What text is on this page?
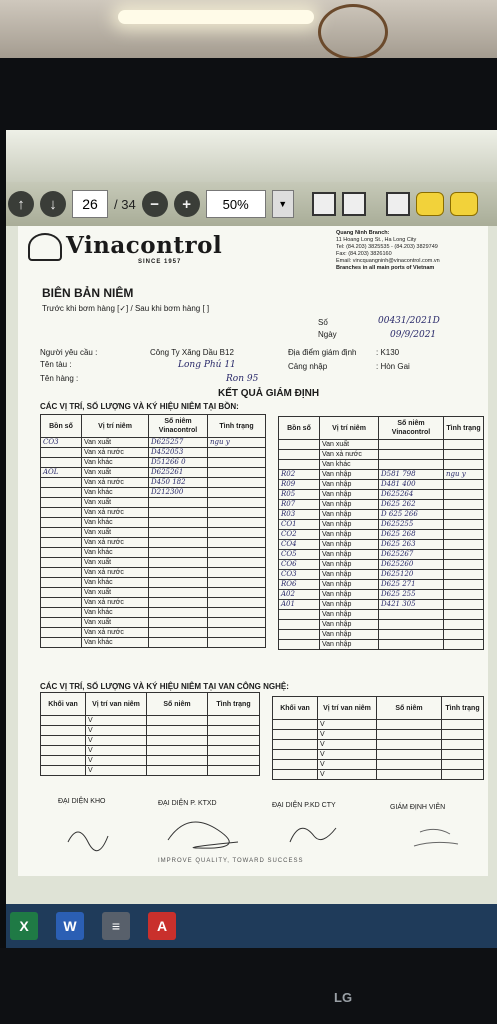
↑	↓	26	/ 34 −	+	50%	▼
Vinacontrol
SINCE 1957
Quang Ninh Branch:
11 Hoang Long St., Ha Long City
Tel: (84.203) 3825535 - (84.203) 3829749
Fax: (84.203) 3826160
Email: vincquangninh@vinacontrol.com.vn
Branches in all main ports of Vietnam
BIÊN BẢN NIÊM
Trước khi bơm hàng [✓] / Sau khi bơm hàng [ ]
Số	00431/2021D
Ngày	09/9/2021
Người yêu cầu :	Công Ty Xăng Dầu B12	Địa điểm giám định : K130
Tên tàu :	Long Phú 11	Cảng nhập	: Hòn Gai
Tên hàng :	Ron 95
KẾT QUẢ GIÁM ĐỊNH
CÁC VỊ TRÍ, SỐ LƯỢNG VÀ KÝ HIỆU NIÊM TẠI BỒN:
Bồn số	Vị trí niêm	Số niêm Vinacontrol	Tình trạng
CO3	Van xuất	D625257	ngu y
	Van xả nước	D452053	
	Van khác	D51266 0	
AOL	Van xuất	D625261	
	Van xả nước	D450 182	
	Van khác	D212300	
	Van xuất		
	Van xả nước		
	Van khác		
	Van xuất		
	Van xả nước		
	Van khác		
	Van xuất		
	Van xả nước		
	Van khác		
	Van xuất		
	Van xả nước		
	Van khác		
	Van xuất		
	Van xả nước		
	Van khác		
Bồn số	Vị trí niêm	Số niêm Vinacontrol	Tình trạng
	Van xuất		
	Van xả nước		
	Van khác		
R02	Van nhập	D581 798	ngu y
R09	Van nhập	D481 400	
R05	Van nhập	D625264	
R07	Van nhập	D625 262	
R03	Van nhập	D 625 266	
CO1	Van nhập	D625255	
CO2	Van nhập	D625 268	
CO4	Van nhập	D625 263	
CO5	Van nhập	D625267	
CO6	Van nhập	D625260	
CO3	Van nhập	D625120	
RO6	Van nhập	D625 271	
A02	Van nhập	D625 255	
A01	Van nhập	D421 305	
	Van nhập		
	Van nhập		
	Van nhập		
	Van nhập		
CÁC VỊ TRÍ, SỐ LƯỢNG VÀ KÝ HIỆU NIÊM TẠI VAN CÔNG NGHỆ:
Khối van	Vị trí van niêm	Số niêm	Tình trạng
	V		
	V		
	V		
	V		
	V		
	V		
Khối van	Vị trí van niêm	Số niêm	Tình trạng
	V		
	V		
	V		
	V		
	V		
	V		
ĐẠI DIỆN KHO	ĐẠI DIỆN P. KTXD	ĐẠI DIỆN P.KD CTY	GIÁM ĐỊNH VIÊN
IMPROVE QUALITY, TOWARD SUCCESS
X	W	≡	A
LG
